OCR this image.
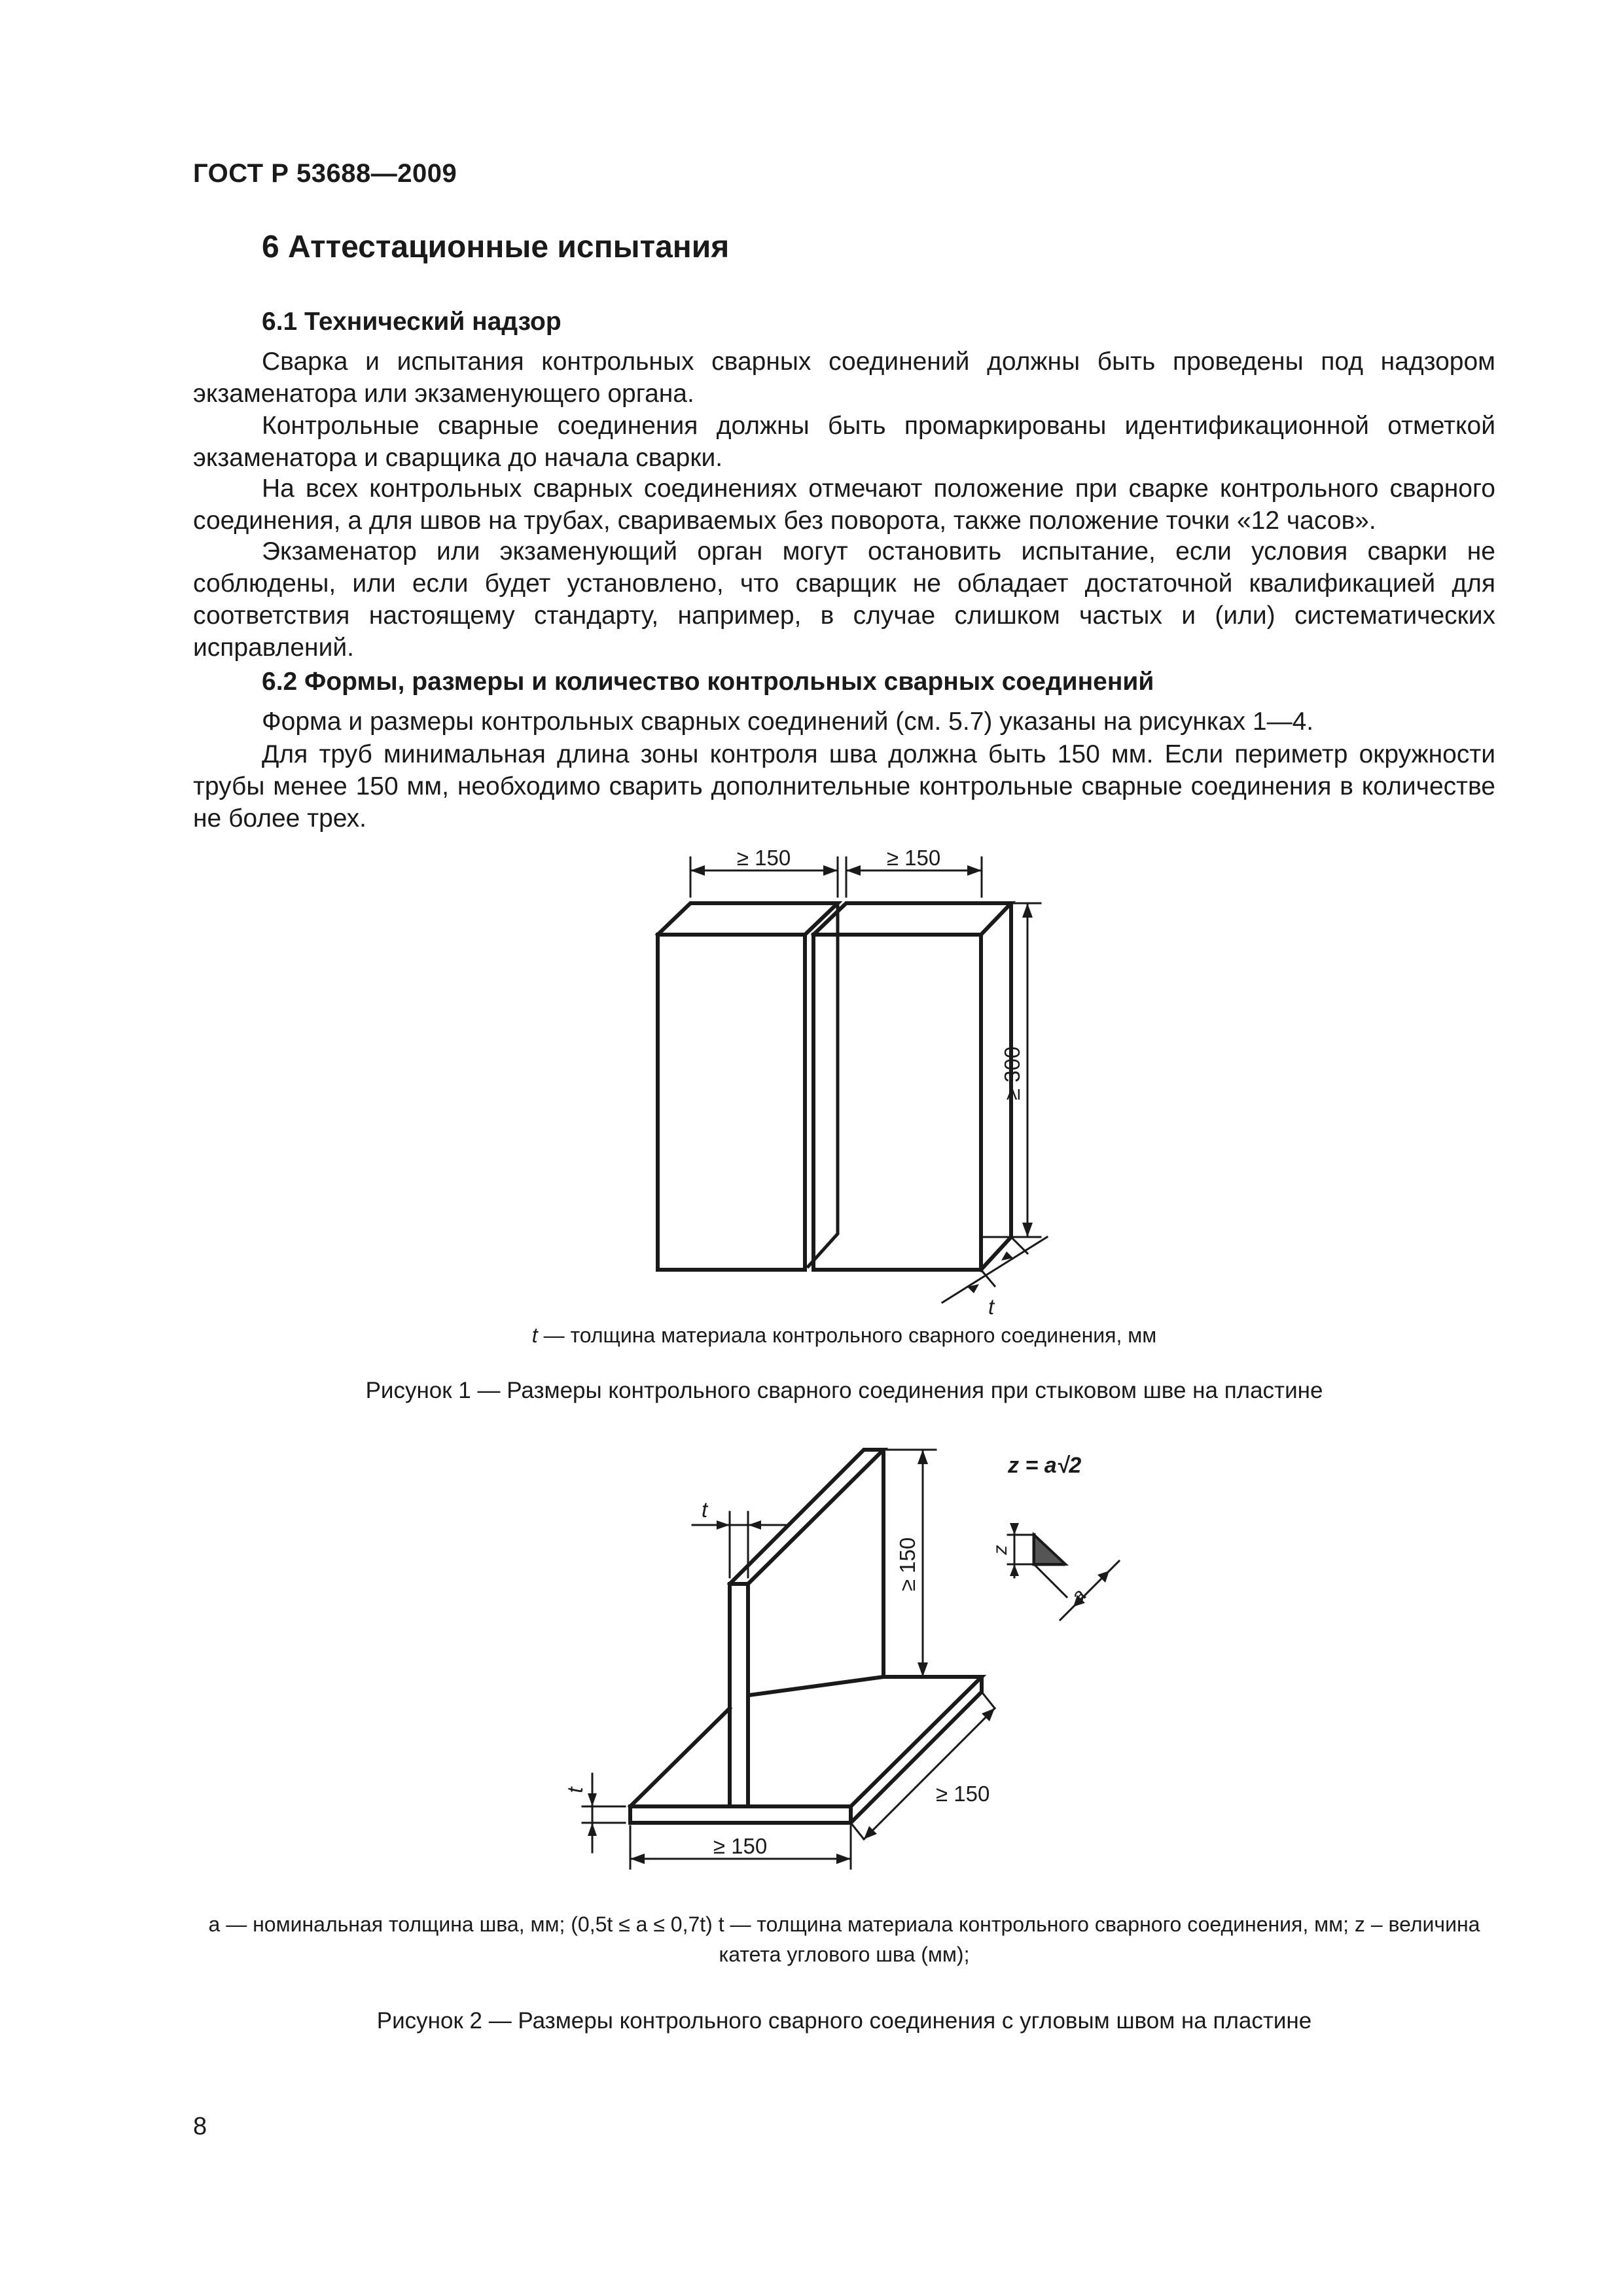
ГОСТ Р 53688—2009
6 Аттестационные испытания
6.1 Технический надзор
Сварка и испытания контрольных сварных соединений должны быть проведены под надзором экзаменатора или экзаменующего органа.
Контрольные сварные соединения должны быть промаркированы идентификационной отметкой экзаменатора и сварщика до начала сварки.
На всех контрольных сварных соединениях отмечают положение при сварке контрольного сварного соединения, а для швов на трубах, свариваемых без поворота, также положение точки «12 часов».
Экзаменатор или экзаменующий орган могут остановить испытание, если условия сварки не соблюдены, или если будет установлено, что сварщик не обладает достаточной квалификацией для соответствия настоящему стандарту, например, в случае слишком частых и (или) систематических исправлений.
6.2 Формы, размеры и количество контрольных сварных соединений
Форма и размеры контрольных сварных соединений (см. 5.7) указаны на рисунках 1—4.
Для труб минимальная длина зоны контроля шва должна быть 150 мм. Если периметр окружности трубы менее 150 мм, необходимо сварить дополнительные контрольные сварные соединения в количестве не более трех.
≥ 150	≥ 150
≥ 300
t
t — толщина материала контрольного сварного соединения, мм
Рисунок 1 — Размеры контрольного сварного соединения при стыковом шве на пластине
z = a√2
t
≥ 150
≥ 150
≥ 150
t
z
a
a — номинальная толщина шва, мм; (0,5t ≤ a ≤ 0,7t) t — толщина материала контрольного сварного соединения, мм; z – величина
катета углового шва (мм);
Рисунок 2 — Размеры контрольного сварного соединения с угловым швом на пластине
8
